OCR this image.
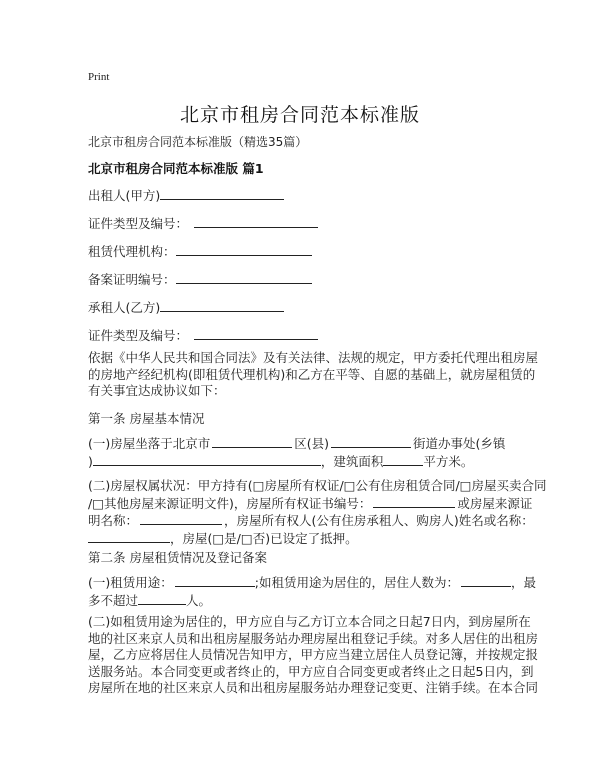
Print
北京市租房合同范本标准版
北京市租房合同范本标准版（精选35篇）
北京市租房合同范本标准版 篇1
出租人(甲方)
证件类型及编号：
租赁代理机构：
备案证明编号：
承租人(乙方)
证件类型及编号：
依据《中华人民共和国合同法》及有关法律、法规的规定，甲方委托代理出租房屋
的房地产经纪机构(即租赁代理机构)和乙方在平等、自愿的基础上，就房屋租赁的
有关事宜达成协议如下：
第一条 房屋基本情况
(一)房屋坐落于北京市	区(县)	街道办事处(乡镇
)	，建筑面积	平方米。
(二)房屋权属状况：甲方持有(□房屋所有权证/□公有住房租赁合同/□房屋买卖合同
/□其他房屋来源证明文件)，房屋所有权证书编号：	或房屋来源证
明名称：	，房屋所有权人(公有住房承租人、购房人)姓名或名称：
，房屋(□是/□否)已设定了抵押。
第二条 房屋租赁情况及登记备案
(一)租赁用途：	;如租赁用途为居住的，居住人数为：	，最
多不超过	人。
(二)如租赁用途为居住的，甲方应自与乙方订立本合同之日起7日内，到房屋所在
地的社区来京人员和出租房屋服务站办理房屋出租登记手续。对多人居住的出租房
屋，乙方应将居住人员情况告知甲方，甲方应当建立居住人员登记簿，并按规定报
送服务站。本合同变更或者终止的，甲方应自合同变更或者终止之日起5日内，到
房屋所在地的社区来京人员和出租房屋服务站办理登记变更、注销手续。在本合同
